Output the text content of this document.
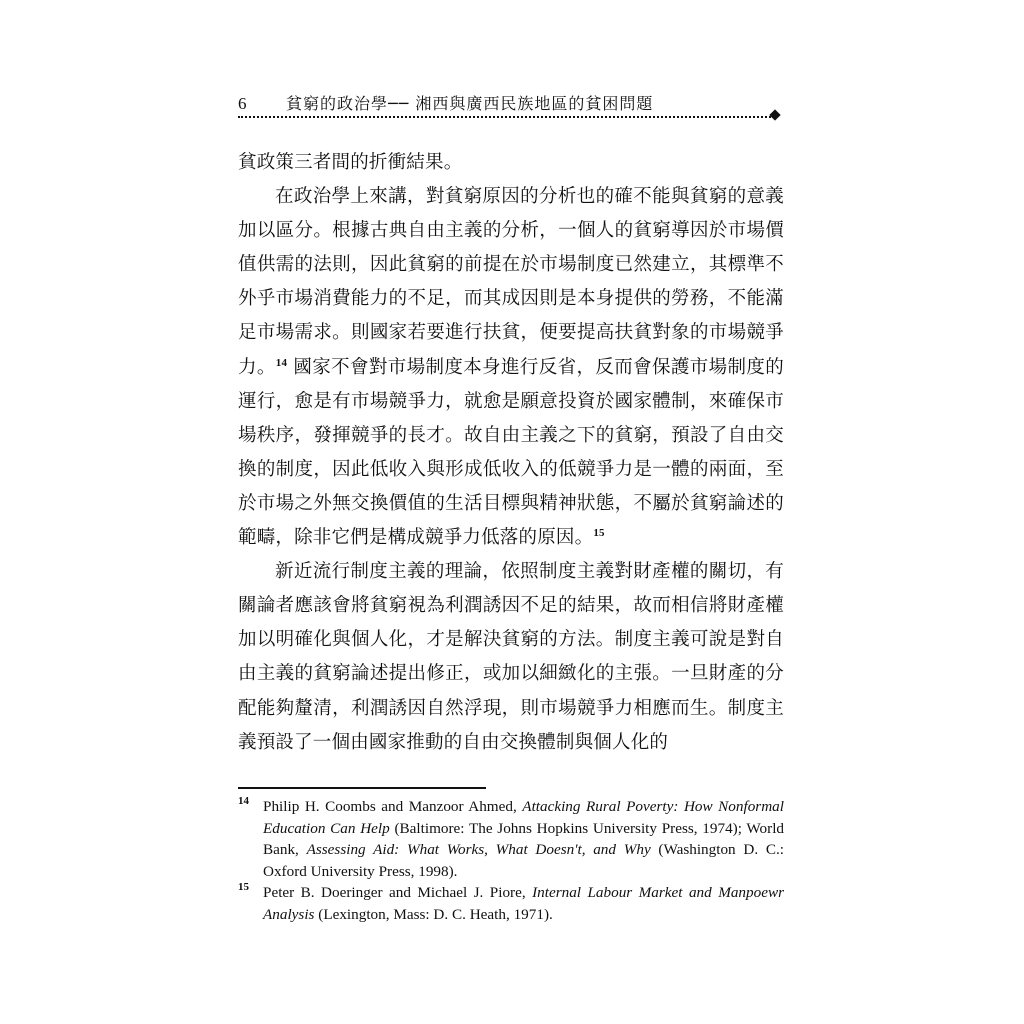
6 貧窮的政治學── 湘西與廣西民族地區的貧困問題

貧政策三者間的折衝結果。

在政治學上來講，對貧窮原因的分析也的確不能與貧窮的意義加以區分。根據古典自由主義的分析，一個人的貧窮導因於市場價值供需的法則，因此貧窮的前提在於市場制度已然建立，其標準不外乎市場消費能力的不足，而其成因則是本身提供的勞務，不能滿足市場需求。則國家若要進行扶貧，便要提高扶貧對象的市場競爭力。$^{14}$ 國家不會對市場制度本身進行反省，反而會保護市場制度的運行，愈是有市場競爭力，就愈是願意投資於國家體制，來確保市場秩序，發揮競爭的長才。故自由主義之下的貧窮，預設了自由交換的制度，因此低收入與形成低收入的低競爭力是一體的兩面，至於市場之外無交換價值的生活目標與精神狀態，不屬於貧窮論述的範疇，除非它們是構成競爭力低落的原因。$^{15}$

新近流行制度主義的理論，依照制度主義對財產權的關切，有關論者應該會將貧窮視為利潤誘因不足的結果，故而相信將財產權加以明確化與個人化，才是解決貧窮的方法。制度主義可說是對自由主義的貧窮論述提出修正，或加以細緻化的主張。一旦財產的分配能夠釐清，利潤誘因自然浮現，則市場競爭力相應而生。制度主義預設了一個由國家推動的自由交換體制與個人化的

14 Philip H. Coombs and Manzoor Ahmed, Attacking Rural Poverty: How Nonformal Education Can Help (Baltimore: The Johns Hopkins University Press, 1974); World Bank, Assessing Aid: What Works, What Doesn't, and Why (Washington D. C.: Oxford University Press, 1998).
15 Peter B. Doeringer and Michael J. Piore, Internal Labour Market and Manpoewr Analysis (Lexington, Mass: D. C. Heath, 1971).
